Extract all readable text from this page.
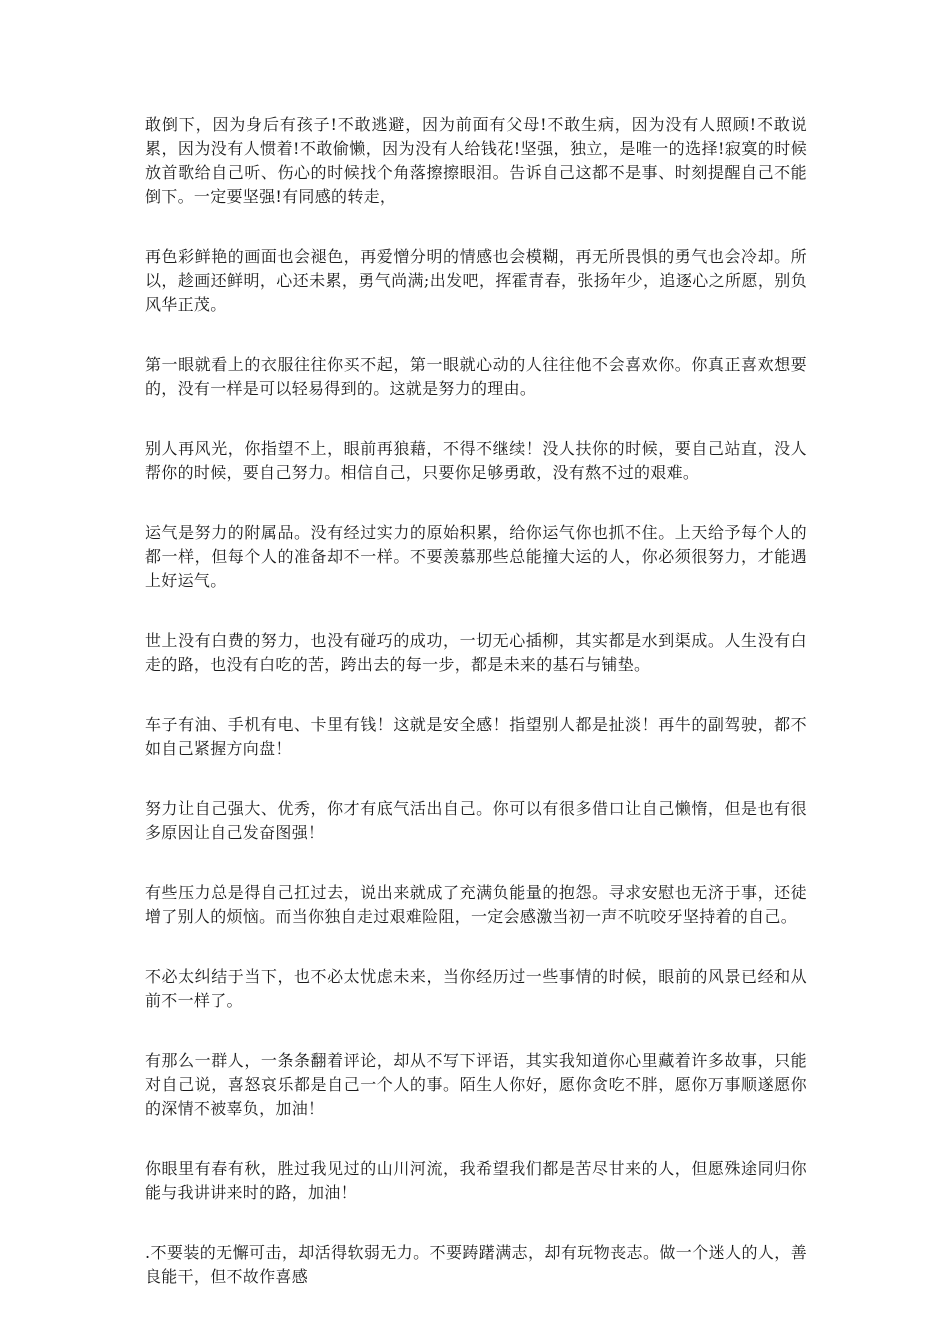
敢倒下，因为身后有孩子!不敢逃避，因为前面有父母!不敢生病，因为没有人照顾!不敢说累，因为没有人惯着!不敢偷懒，因为没有人给钱花!坚强，独立，是唯一的选择!寂寞的时候放首歌给自己听、伤心的时候找个角落擦擦眼泪。告诉自己这都不是事、时刻提醒自己不能倒下。一定要坚强!有同感的转走，

再色彩鲜艳的画面也会褪色，再爱憎分明的情感也会模糊，再无所畏惧的勇气也会冷却。所以，趁画还鲜明，心还未累，勇气尚满;出发吧，挥霍青春，张扬年少，追逐心之所愿，别负风华正茂。

第一眼就看上的衣服往往你买不起，第一眼就心动的人往往他不会喜欢你。你真正喜欢想要的，没有一样是可以轻易得到的。这就是努力的理由。

别人再风光，你指望不上，眼前再狼藉，不得不继续！没人扶你的时候，要自己站直，没人帮你的时候，要自己努力。相信自己，只要你足够勇敢，没有熬不过的艰难。

运气是努力的附属品。没有经过实力的原始积累，给你运气你也抓不住。上天给予每个人的都一样，但每个人的准备却不一样。不要羡慕那些总能撞大运的人，你必须很努力，才能遇上好运气。

世上没有白费的努力，也没有碰巧的成功，一切无心插柳，其实都是水到渠成。人生没有白走的路，也没有白吃的苦，跨出去的每一步，都是未来的基石与铺垫。

车子有油、手机有电、卡里有钱！这就是安全感！指望别人都是扯淡！再牛的副驾驶，都不如自己紧握方向盘！

努力让自己强大、优秀，你才有底气活出自己。你可以有很多借口让自己懒惰，但是也有很多原因让自己发奋图强！

有些压力总是得自己扛过去，说出来就成了充满负能量的抱怨。寻求安慰也无济于事，还徒增了别人的烦恼。而当你独自走过艰难险阻，一定会感激当初一声不吭咬牙坚持着的自己。

不必太纠结于当下，也不必太忧虑未来，当你经历过一些事情的时候，眼前的风景已经和从前不一样了。

有那么一群人，一条条翻着评论，却从不写下评语，其实我知道你心里藏着许多故事，只能对自己说，喜怒哀乐都是自己一个人的事。陌生人你好，愿你贪吃不胖，愿你万事顺遂愿你的深情不被辜负，加油！

你眼里有春有秋，胜过我见过的山川河流，我希望我们都是苦尽甘来的人，但愿殊途同归你能与我讲讲来时的路，加油！

.不要装的无懈可击，却活得软弱无力。不要踌躇满志，却有玩物丧志。做一个迷人的人，善良能干，但不故作喜感
